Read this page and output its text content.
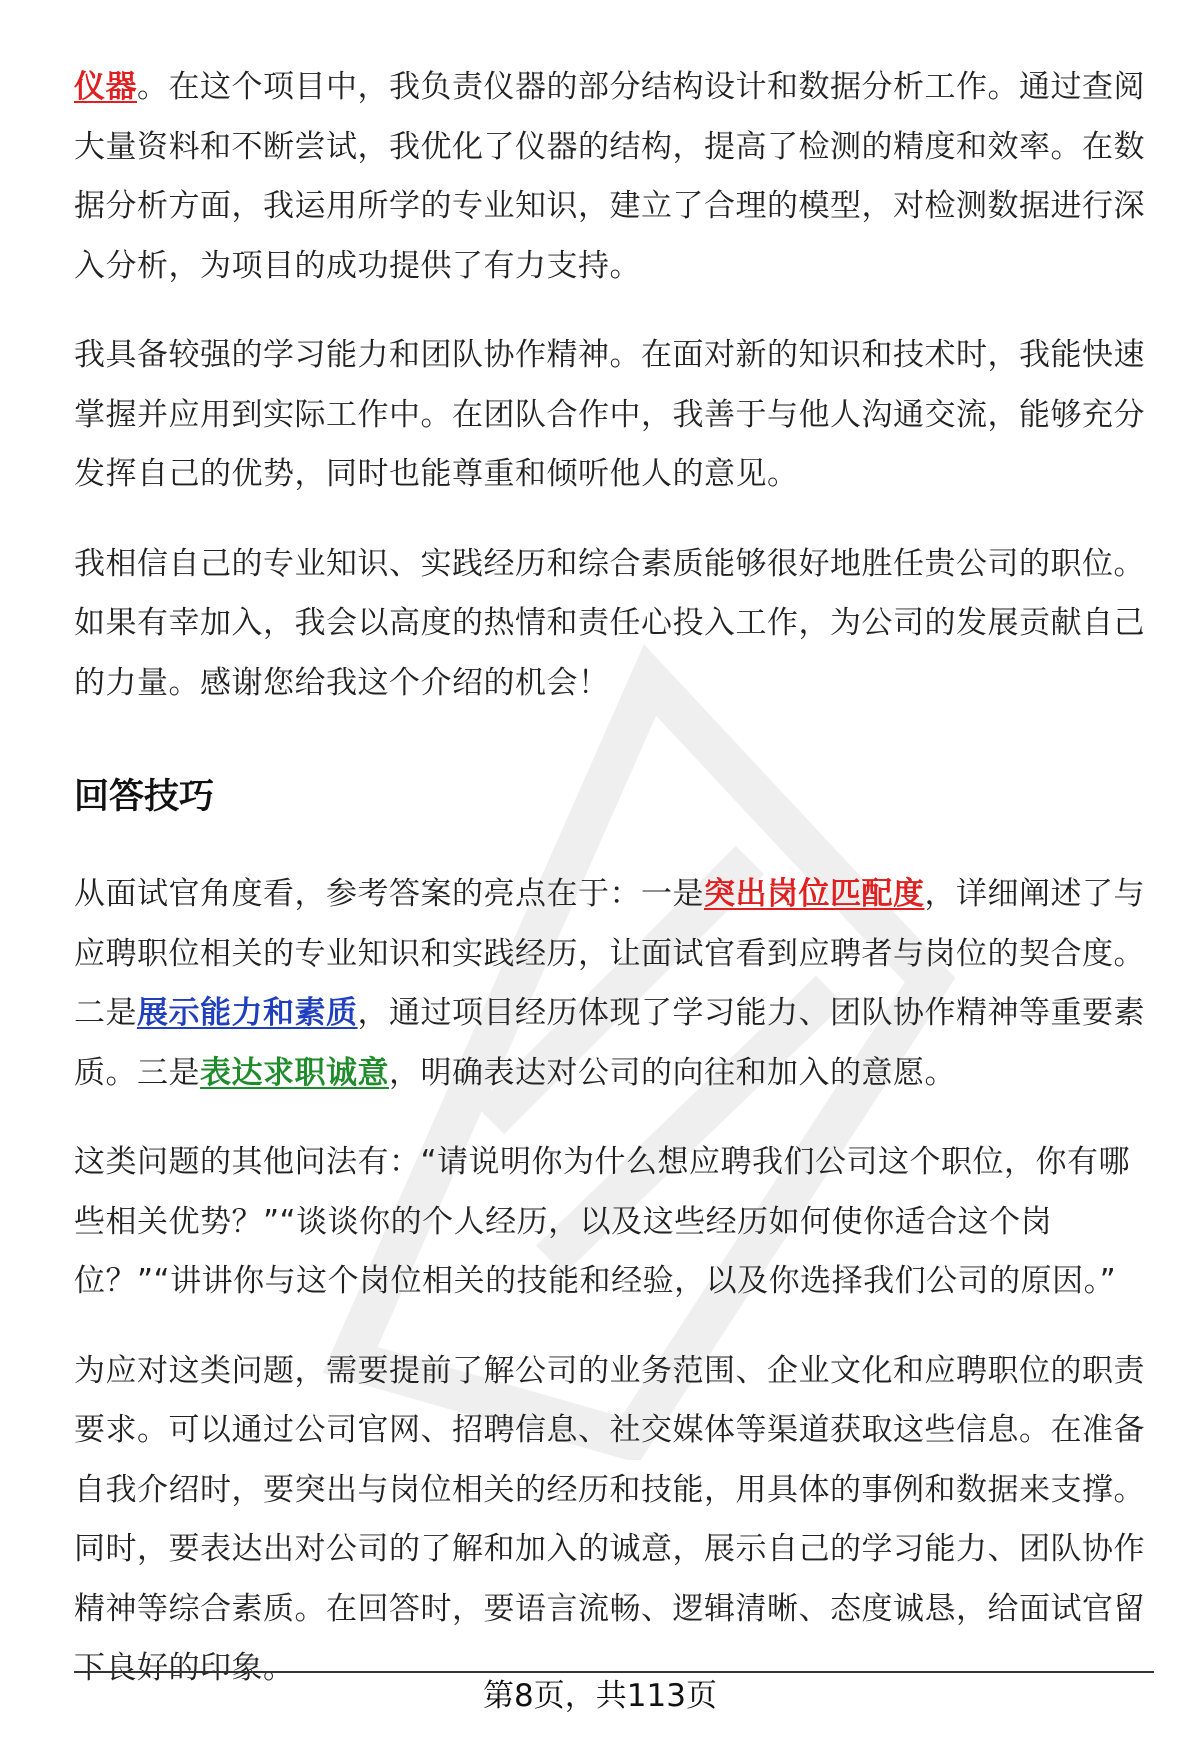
仪器。在这个项目中，我负责仪器的部分结构设计和数据分析工作。通过查阅大量资料和不断尝试，我优化了仪器的结构，提高了检测的精度和效率。在数据分析方面，我运用所学的专业知识，建立了合理的模型，对检测数据进行深入分析，为项目的成功提供了有力支持。

我具备较强的学习能力和团队协作精神。在面对新的知识和技术时，我能快速掌握并应用到实际工作中。在团队合作中，我善于与他人沟通交流，能够充分发挥自己的优势，同时也能尊重和倾听他人的意见。

我相信自己的专业知识、实践经历和综合素质能够很好地胜任贵公司的职位。如果有幸加入，我会以高度的热情和责任心投入工作，为公司的发展贡献自己的力量。感谢您给我这个介绍的机会！

回答技巧

从面试官角度看，参考答案的亮点在于：一是突出岗位匹配度，详细阐述了与应聘职位相关的专业知识和实践经历，让面试官看到应聘者与岗位的契合度。二是展示能力和素质，通过项目经历体现了学习能力、团队协作精神等重要素质。三是表达求职诚意，明确表达对公司的向往和加入的意愿。

这类问题的其他问法有：“请说明你为什么想应聘我们公司这个职位，你有哪些相关优势？”“谈谈你的个人经历，以及这些经历如何使你适合这个岗位？”“讲讲你与这个岗位相关的技能和经验，以及你选择我们公司的原因。”

为应对这类问题，需要提前了解公司的业务范围、企业文化和应聘职位的职责要求。可以通过公司官网、招聘信息、社交媒体等渠道获取这些信息。在准备自我介绍时，要突出与岗位相关的经历和技能，用具体的事例和数据来支撑。同时，要表达出对公司的了解和加入的诚意，展示自己的学习能力、团队协作精神等综合素质。在回答时，要语言流畅、逻辑清晰、态度诚恳，给面试官留下良好的印象。

第8页，共113页
